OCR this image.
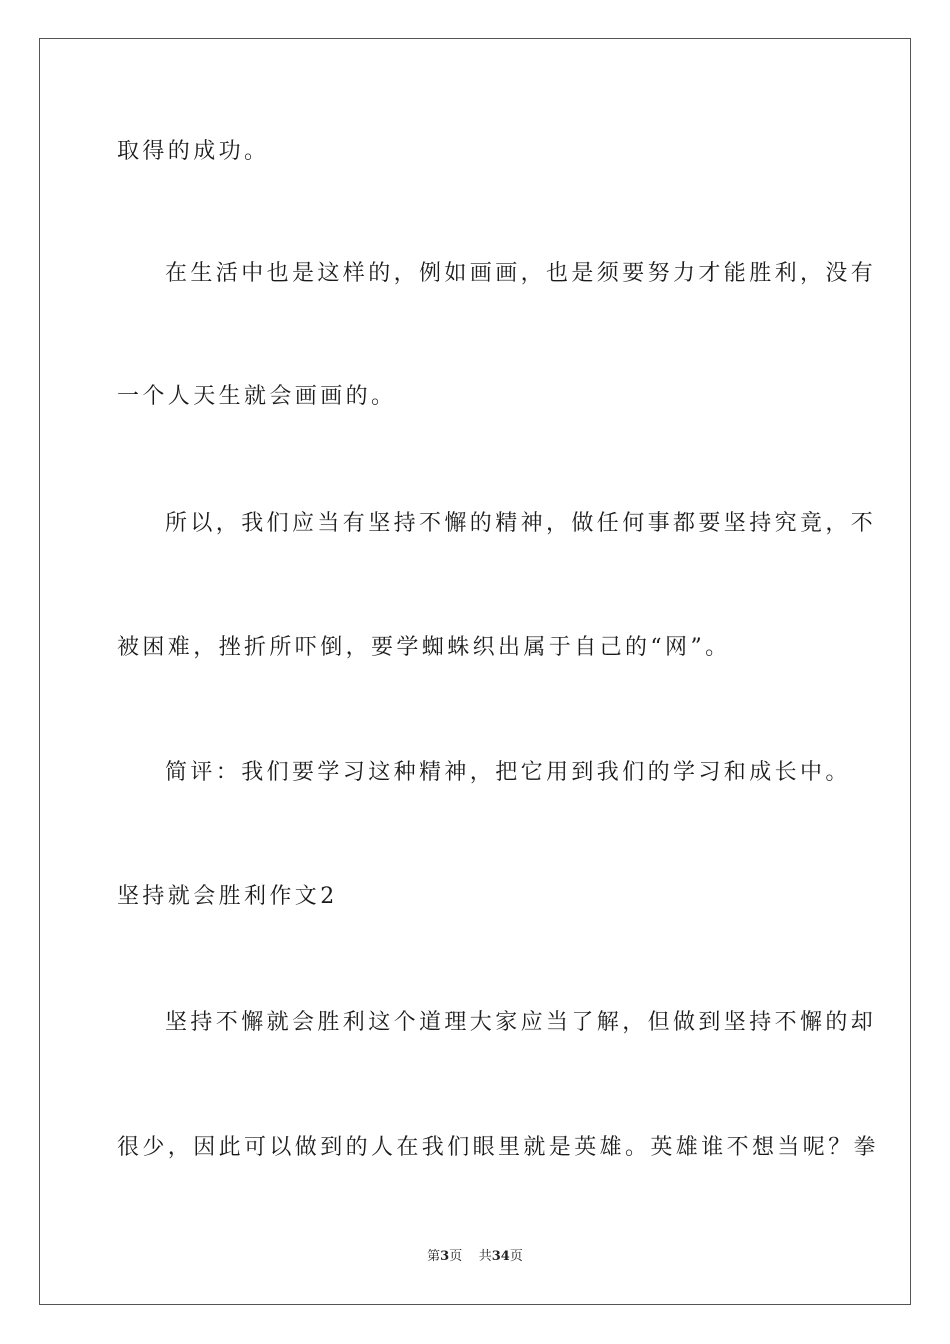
取得的成功。
在生活中也是这样的，例如画画，也是须要努力才能胜利，没有
一个人天生就会画画的。
所以，我们应当有坚持不懈的精神，做任何事都要坚持究竟，不
被困难，挫折所吓倒，要学蜘蛛织出属于自己的“网”。
简评：我们要学习这种精神，把它用到我们的学习和成长中。
坚持就会胜利作文2
坚持不懈就会胜利这个道理大家应当了解，但做到坚持不懈的却
很少，因此可以做到的人在我们眼里就是英雄。英雄谁不想当呢？拳
第3页 共34页
